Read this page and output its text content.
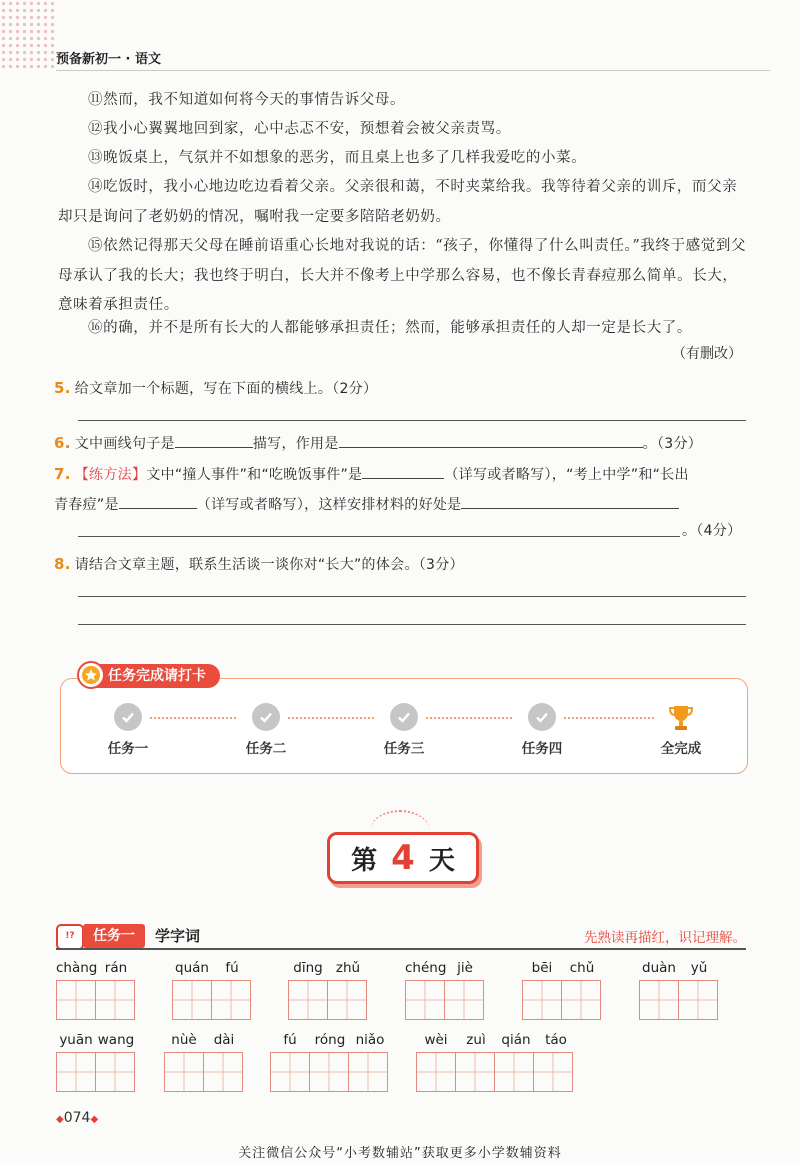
预备新初一 · 语文
⑪然而，我不知道如何将今天的事情告诉父母。
⑫我小心翼翼地回到家，心中忐忑不安，预想着会被父亲责骂。
⑬晚饭桌上，气氛并不如想象的恶劣，而且桌上也多了几样我爱吃的小菜。
⑭吃饭时，我小心地边吃边看着父亲。父亲很和蔼，不时夹菜给我。我等待着父亲的训斥，而父亲却只是询问了老奶奶的情况，嘱咐我一定要多陪陪老奶奶。
⑮依然记得那天父母在睡前语重心长地对我说的话：“孩子，你懂得了什么叫责任。”我终于感觉到父母承认了我的长大；我也终于明白，长大并不像考上中学那么容易，也不像长青春痘那么简单。长大，意味着承担责任。
⑯的确，并不是所有长大的人都能够承担责任；然而，能够承担责任的人却一定是长大了。
（有删改）
5. 给文章加一个标题，写在下面的横线上。（2分）
6. 文中画线句子是	描写，作用是	。（3分）
7. 【练方法】文中“撞人事件”和“吃晚饭事件”是	（详写或者略写），“考上中学”和“长出
青春痘”是	（详写或者略写），这样安排材料的好处是
。（4分）
8. 请结合文章主题，联系生活谈一谈你对“长大”的体会。（3分）
任务完成请打卡
任务一	任务二	任务三	任务四	全完成
第 4 天
!?	任务一	学字词	先熟读再描红，识记理解。
chàng rán	quán	fú	dīng zhǔ	chéng jiè	bēi	chǔ	duàn	yǔ
yuān wang	nùè	dài	fú	róng niǎo	wèi	zuì	qián	táo
◆074◆
关注微信公众号“小考数辅站”获取更多小学数辅资料
